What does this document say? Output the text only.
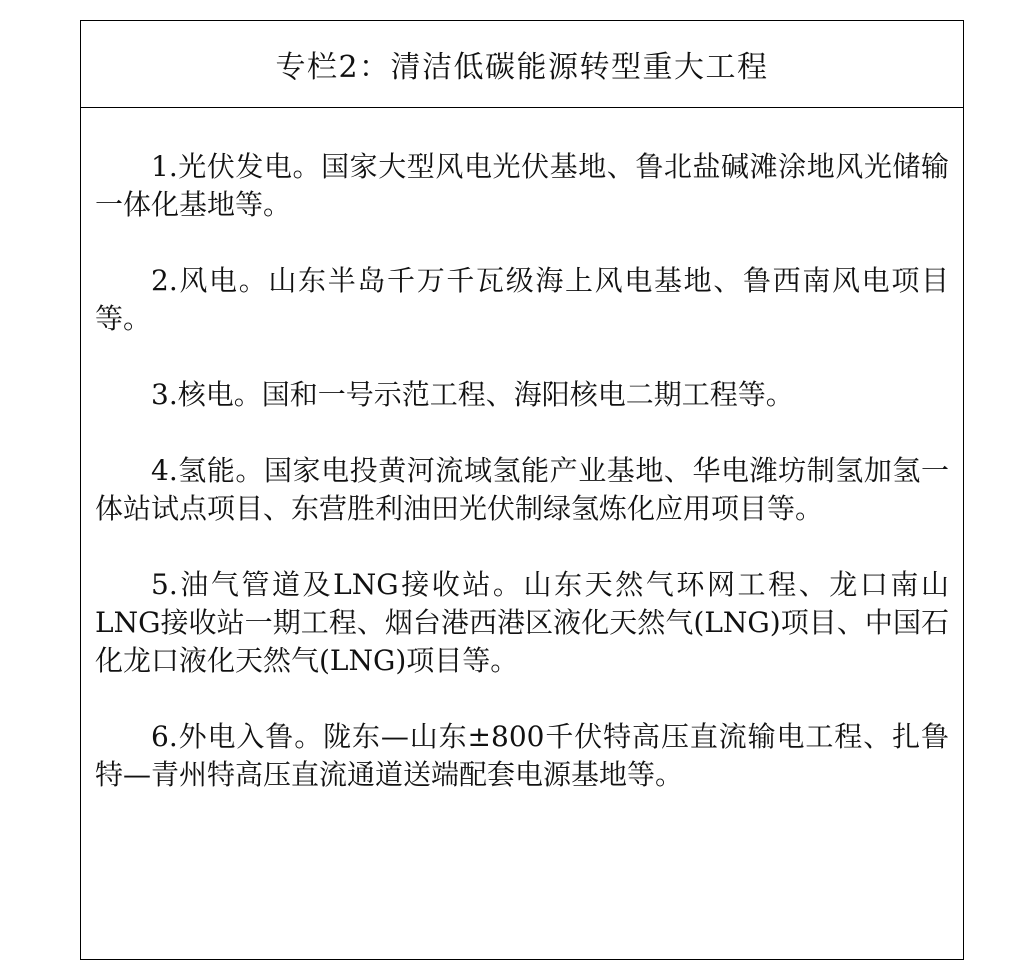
专栏2：清洁低碳能源转型重大工程

1.光伏发电。国家大型风电光伏基地、鲁北盐碱滩涂地风光储输一体化基地等。

2.风电。山东半岛千万千瓦级海上风电基地、鲁西南风电项目等。

3.核电。国和一号示范工程、海阳核电二期工程等。

4.氢能。国家电投黄河流域氢能产业基地、华电潍坊制氢加氢一体站试点项目、东营胜利油田光伏制绿氢炼化应用项目等。

5.油气管道及LNG接收站。山东天然气环网工程、龙口南山LNG接收站一期工程、烟台港西港区液化天然气(LNG)项目、中国石化龙口液化天然气(LNG)项目等。

6.外电入鲁。陇东—山东±800千伏特高压直流输电工程、扎鲁特—青州特高压直流通道送端配套电源基地等。
